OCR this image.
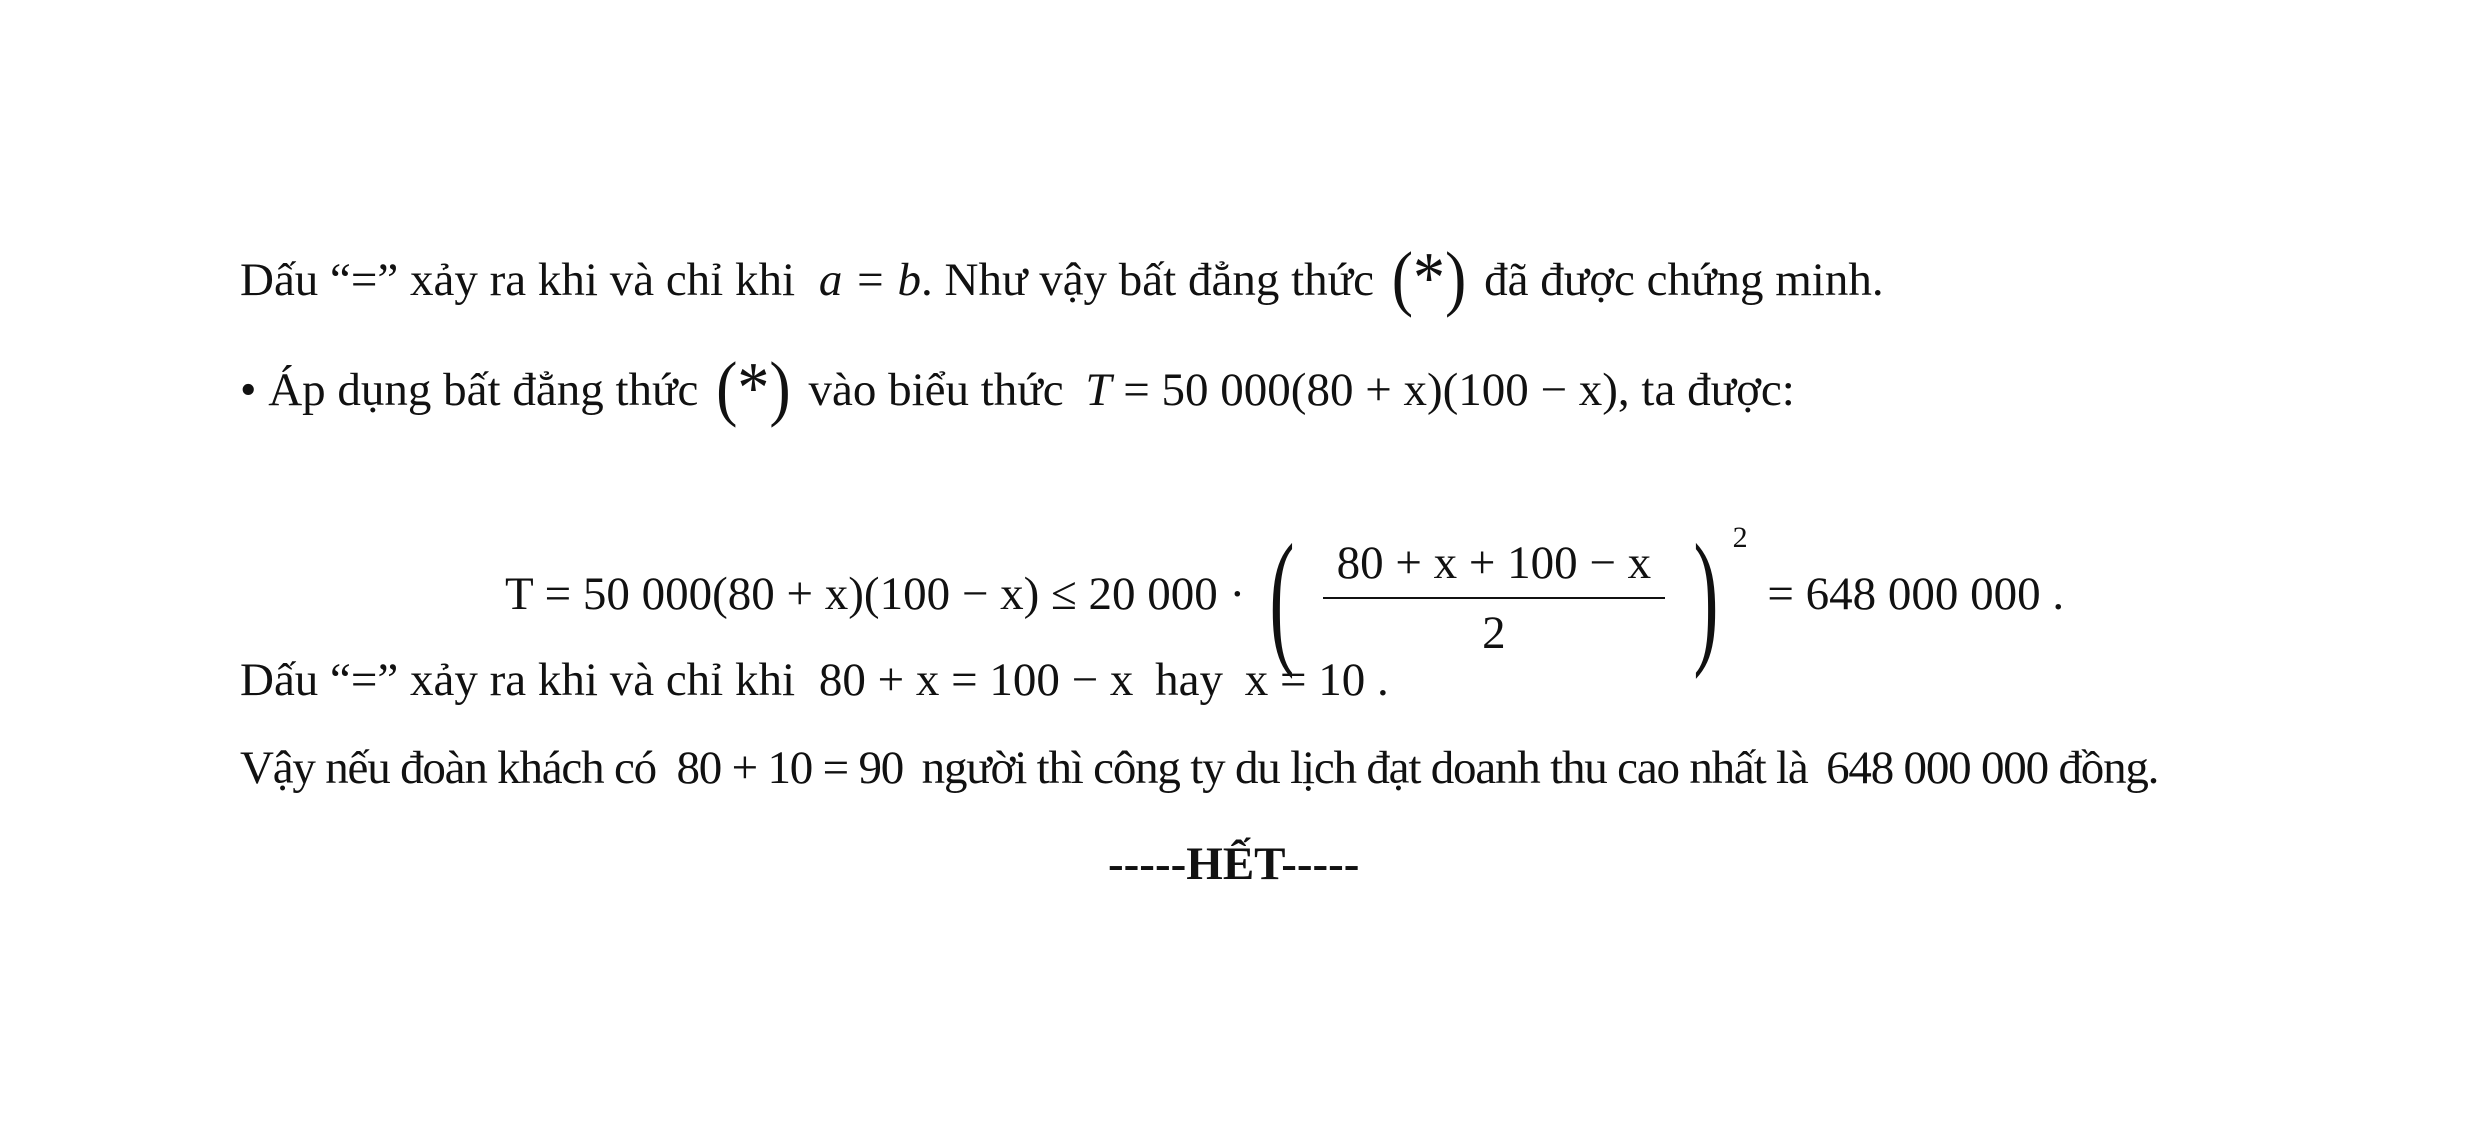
Dấu “=” xảy ra khi và chỉ khi a = b. Như vậy bất đẳng thức (*) đã được chứng minh.
• Áp dụng bất đẳng thức (*) vào biểu thức T = 50 000(80 + x)(100 − x), ta được:
T = 50 000(80 + x)(100 − x) ≤ 20 000 · ( $\frac{80 + x + 100 - x}{2}$ ) 2 = 648 000 000 .
Dấu “=” xảy ra khi và chỉ khi 80 + x = 100 − x hay x = 10 .
Vậy nếu đoàn khách có 80 + 10 = 90 người thì công ty du lịch đạt doanh thu cao nhất là 648 000 000 đồng.
-----HẾT-----
